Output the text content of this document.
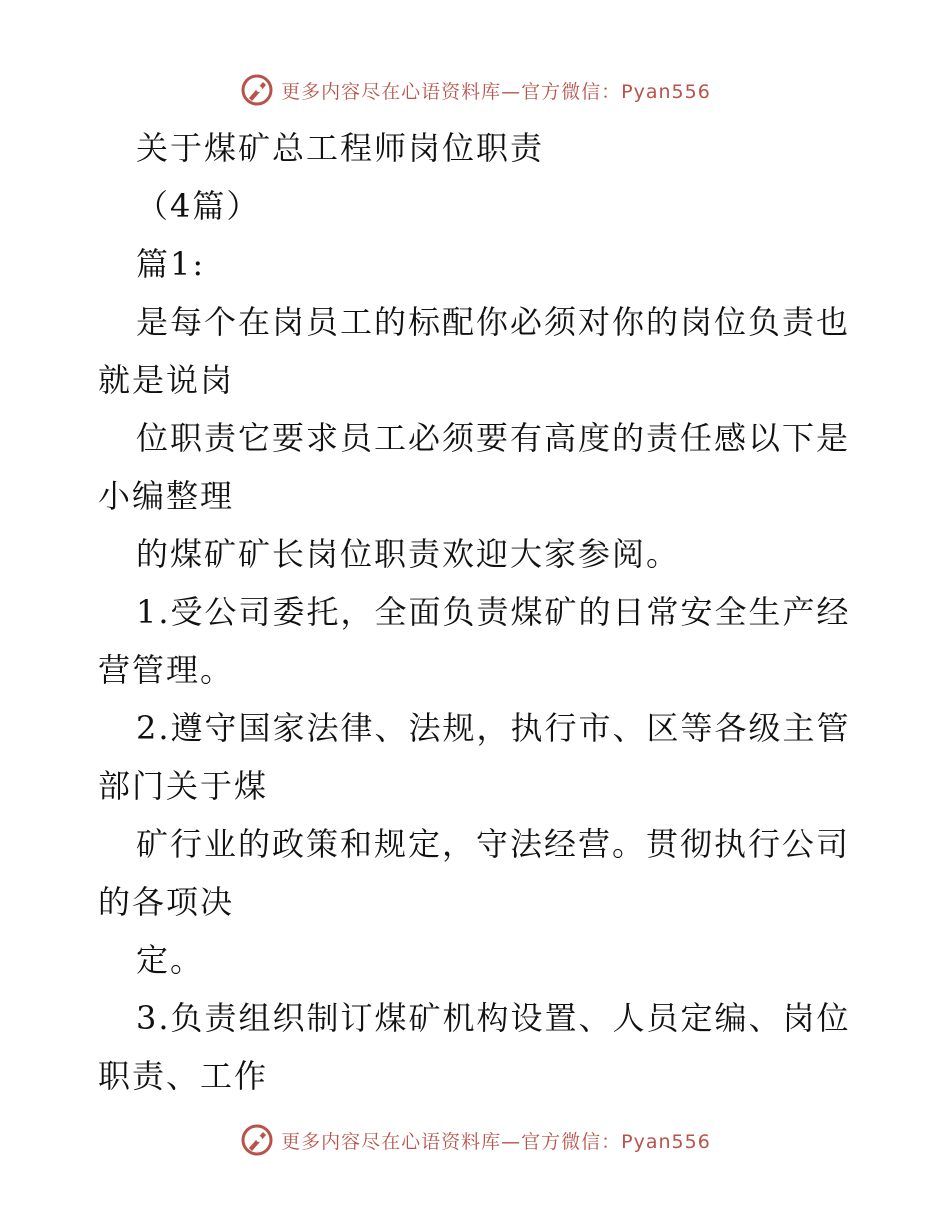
更多内容尽在心语资料库—官方微信：Pyan556
关于煤矿总工程师岗位职责
（4篇）
篇1:
是每个在岗员工的标配你必须对你的岗位负责也
就是说岗
位职责它要求员工必须要有高度的责任感以下是
小编整理
的煤矿矿长岗位职责欢迎大家参阅。
1.受公司委托，全面负责煤矿的日常安全生产经
营管理。
2.遵守国家法律、法规，执行市、区等各级主管
部门关于煤
矿行业的政策和规定，守法经营。贯彻执行公司
的各项决
定。
3.负责组织制订煤矿机构设置、人员定编、岗位
职责、工作
更多内容尽在心语资料库—官方微信：Pyan556
